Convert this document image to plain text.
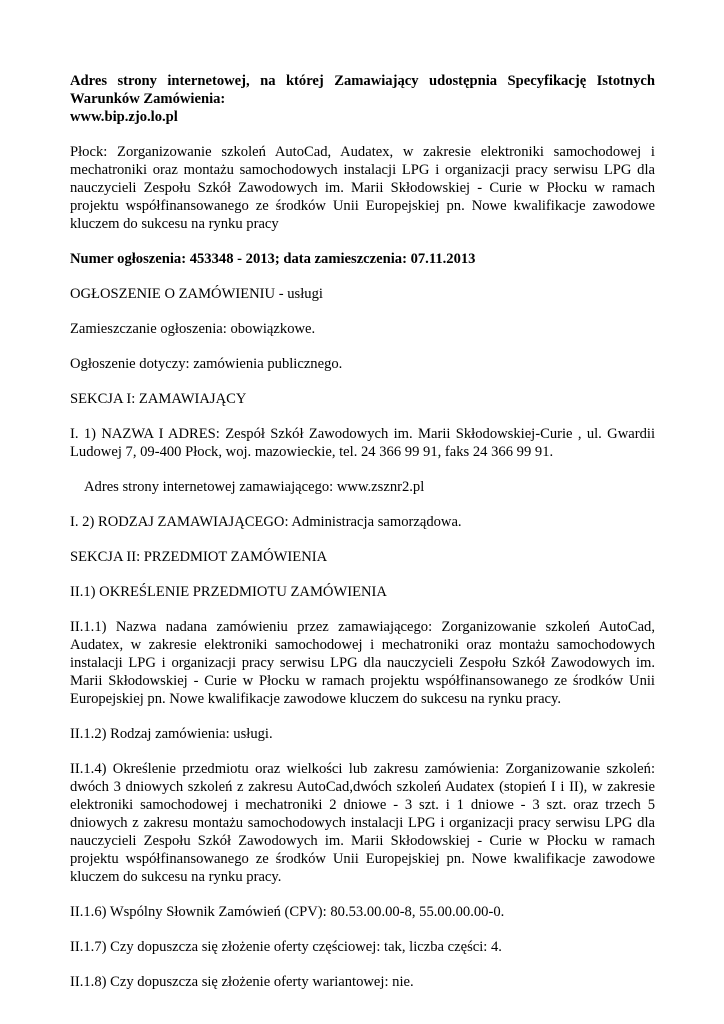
Adres strony internetowej, na której Zamawiający udostępnia Specyfikację Istotnych Warunków Zamówienia:

www.bip.zjo.lo.pl

Płock: Zorganizowanie szkoleń AutoCad, Audatex, w zakresie elektroniki samochodowej i mechatroniki oraz montażu samochodowych instalacji LPG i organizacji pracy serwisu LPG dla nauczycieli Zespołu Szkół Zawodowych im. Marii Skłodowskiej - Curie w Płocku w ramach projektu współfinansowanego ze środków Unii Europejskiej pn. Nowe kwalifikacje zawodowe kluczem do sukcesu na rynku pracy

Numer ogłoszenia: 453348 - 2013; data zamieszczenia: 07.11.2013

OGŁOSZENIE O ZAMÓWIENIU - usługi

Zamieszczanie ogłoszenia: obowiązkowe.

Ogłoszenie dotyczy: zamówienia publicznego.

SEKCJA I: ZAMAWIAJĄCY

I. 1) NAZWA I ADRES: Zespół Szkół Zawodowych im. Marii Skłodowskiej-Curie , ul. Gwardii Ludowej 7, 09-400 Płock, woj. mazowieckie, tel. 24 366 99 91, faks 24 366 99 91.

Adres strony internetowej zamawiającego: www.zsznr2.pl

I. 2) RODZAJ ZAMAWIAJĄCEGO: Administracja samorządowa.

SEKCJA II: PRZEDMIOT ZAMÓWIENIA

II.1) OKREŚLENIE PRZEDMIOTU ZAMÓWIENIA

II.1.1) Nazwa nadana zamówieniu przez zamawiającego: Zorganizowanie szkoleń AutoCad, Audatex, w zakresie elektroniki samochodowej i mechatroniki oraz montażu samochodowych instalacji LPG i organizacji pracy serwisu LPG dla nauczycieli Zespołu Szkół Zawodowych im. Marii Skłodowskiej - Curie w Płocku w ramach projektu współfinansowanego ze środków Unii Europejskiej pn. Nowe kwalifikacje zawodowe kluczem do sukcesu na rynku pracy.

II.1.2) Rodzaj zamówienia: usługi.

II.1.4) Określenie przedmiotu oraz wielkości lub zakresu zamówienia: Zorganizowanie szkoleń: dwóch 3 dniowych szkoleń z zakresu AutoCad,dwóch szkoleń Audatex (stopień I i II), w zakresie elektroniki samochodowej i mechatroniki 2 dniowe - 3 szt. i 1 dniowe - 3 szt. oraz trzech 5 dniowych z zakresu montażu samochodowych instalacji LPG i organizacji pracy serwisu LPG dla nauczycieli Zespołu Szkół Zawodowych im. Marii Skłodowskiej - Curie w Płocku w ramach projektu współfinansowanego ze środków Unii Europejskiej pn. Nowe kwalifikacje zawodowe kluczem do sukcesu na rynku pracy.

II.1.6) Wspólny Słownik Zamówień (CPV): 80.53.00.00-8, 55.00.00.00-0.

II.1.7) Czy dopuszcza się złożenie oferty częściowej: tak, liczba części: 4.

II.1.8) Czy dopuszcza się złożenie oferty wariantowej: nie.
